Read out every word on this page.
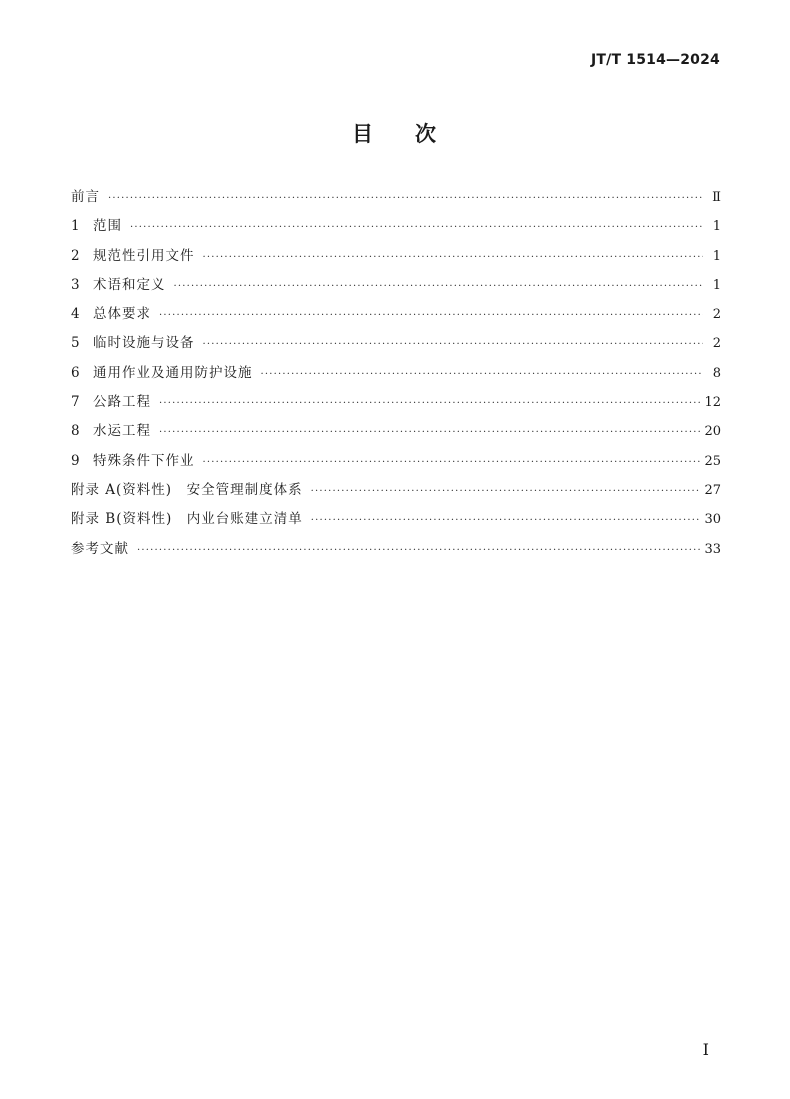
JT/T 1514—2024
目 次
前言 ·····	Ⅱ
1 范围 ·····	1
2 规范性引用文件 ·····	1
3 术语和定义 ·····	1
4 总体要求 ·····	2
5 临时设施与设备 ·····	2
6 通用作业及通用防护设施 ·····	8
7 公路工程 ·····	12
8 水运工程 ·····	20
9 特殊条件下作业 ·····	25
附录 A(资料性)　安全管理制度体系 ·····	27
附录 B(资料性)　内业台账建立清单 ·····	30
参考文献 ·····	33
I
